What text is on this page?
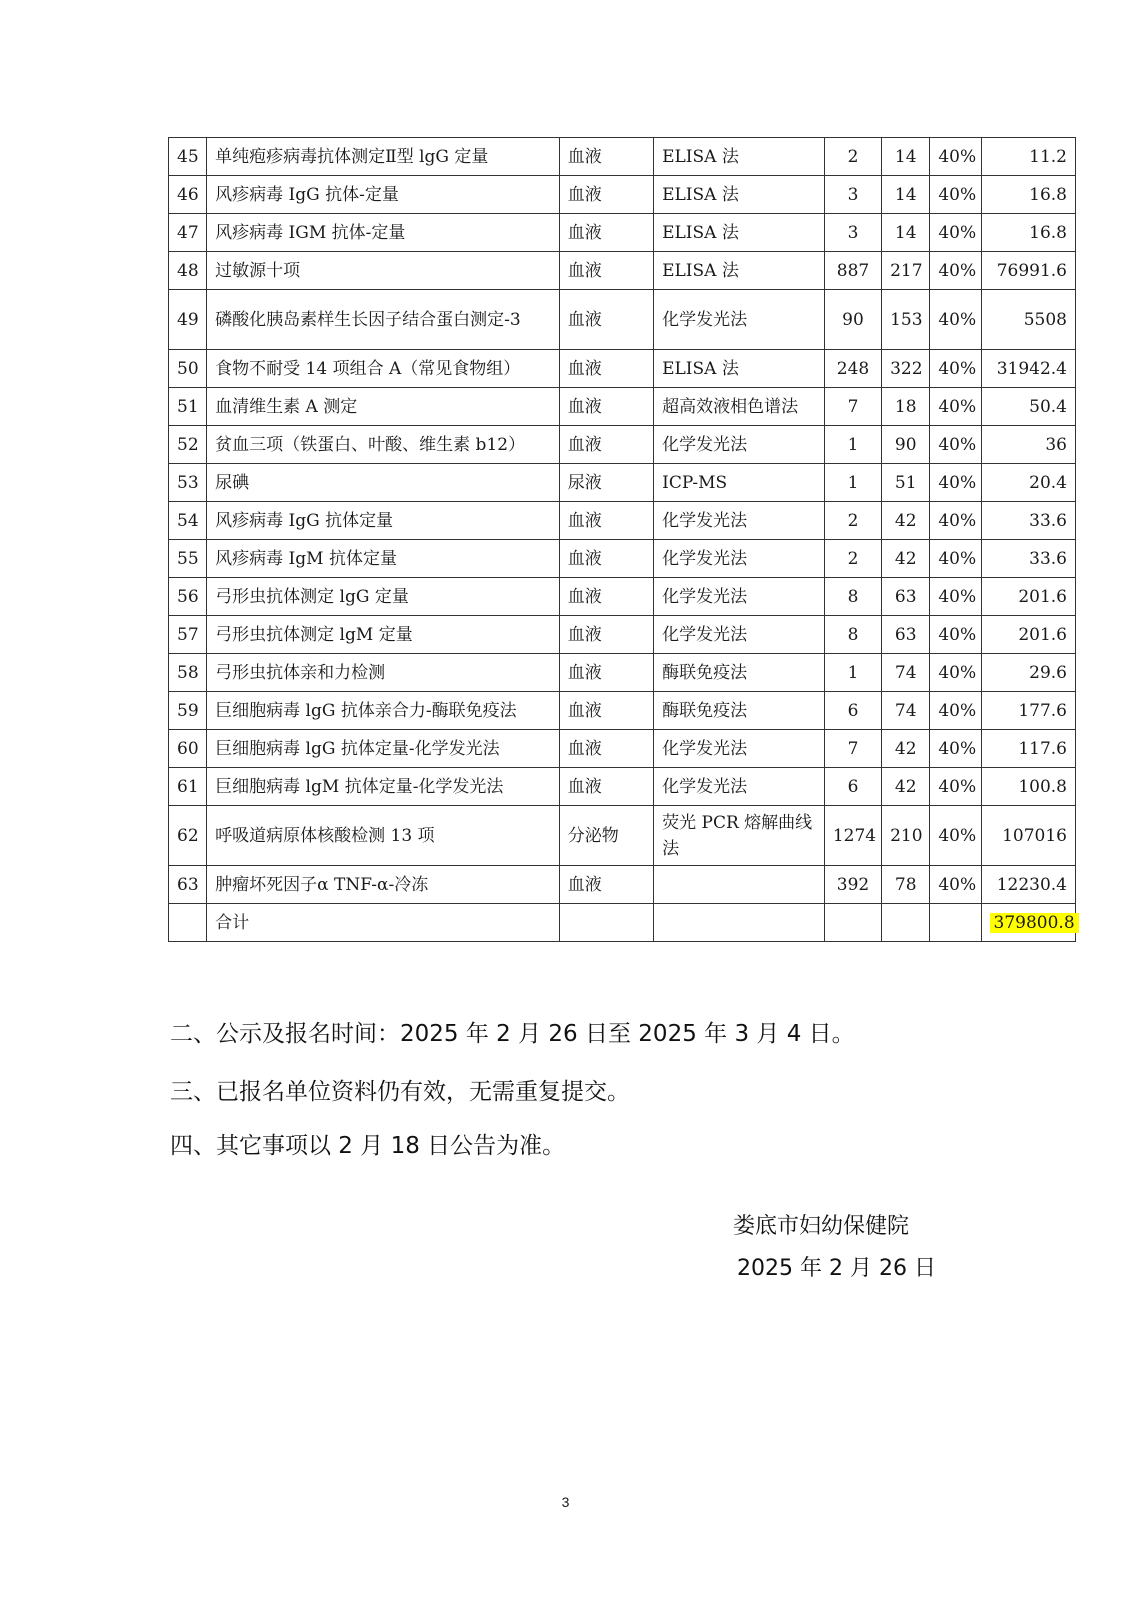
45	单纯疱疹病毒抗体测定Ⅱ型 lgG 定量	血液	ELISA 法	2	14	40%	11.2
46	风疹病毒 IgG 抗体-定量	血液	ELISA 法	3	14	40%	16.8
47	风疹病毒 IGM 抗体-定量	血液	ELISA 法	3	14	40%	16.8
48	过敏源十项	血液	ELISA 法	887	217	40%	76991.6
49	磷酸化胰岛素样生长因子结合蛋白测定-3	血液	化学发光法	90	153	40%	5508
50	食物不耐受 14 项组合 A（常见食物组）	血液	ELISA 法	248	322	40%	31942.4
51	血清维生素 A 测定	血液	超高效液相色谱法	7	18	40%	50.4
52	贫血三项（铁蛋白、叶酸、维生素 b12）	血液	化学发光法	1	90	40%	36
53	尿碘	尿液	ICP-MS	1	51	40%	20.4
54	风疹病毒 IgG 抗体定量	血液	化学发光法	2	42	40%	33.6
55	风疹病毒 IgM 抗体定量	血液	化学发光法	2	42	40%	33.6
56	弓形虫抗体测定 lgG 定量	血液	化学发光法	8	63	40%	201.6
57	弓形虫抗体测定 lgM 定量	血液	化学发光法	8	63	40%	201.6
58	弓形虫抗体亲和力检测	血液	酶联免疫法	1	74	40%	29.6
59	巨细胞病毒 lgG 抗体亲合力-酶联免疫法	血液	酶联免疫法	6	74	40%	177.6
60	巨细胞病毒 lgG 抗体定量-化学发光法	血液	化学发光法	7	42	40%	117.6
61	巨细胞病毒 lgM 抗体定量-化学发光法	血液	化学发光法	6	42	40%	100.8
62	呼吸道病原体核酸检测 13 项	分泌物	荧光 PCR 熔解曲线法	1274	210	40%	107016
63	肿瘤坏死因子α TNF-α-冷冻	血液		392	78	40%	12230.4
	合计						379800.8
二、公示及报名时间：2025 年 2 月 26 日至 2025 年 3 月 4 日。
三、已报名单位资料仍有效，无需重复提交。
四、其它事项以 2 月 18 日公告为准。
娄底市妇幼保健院
2025 年 2 月 26 日
3
